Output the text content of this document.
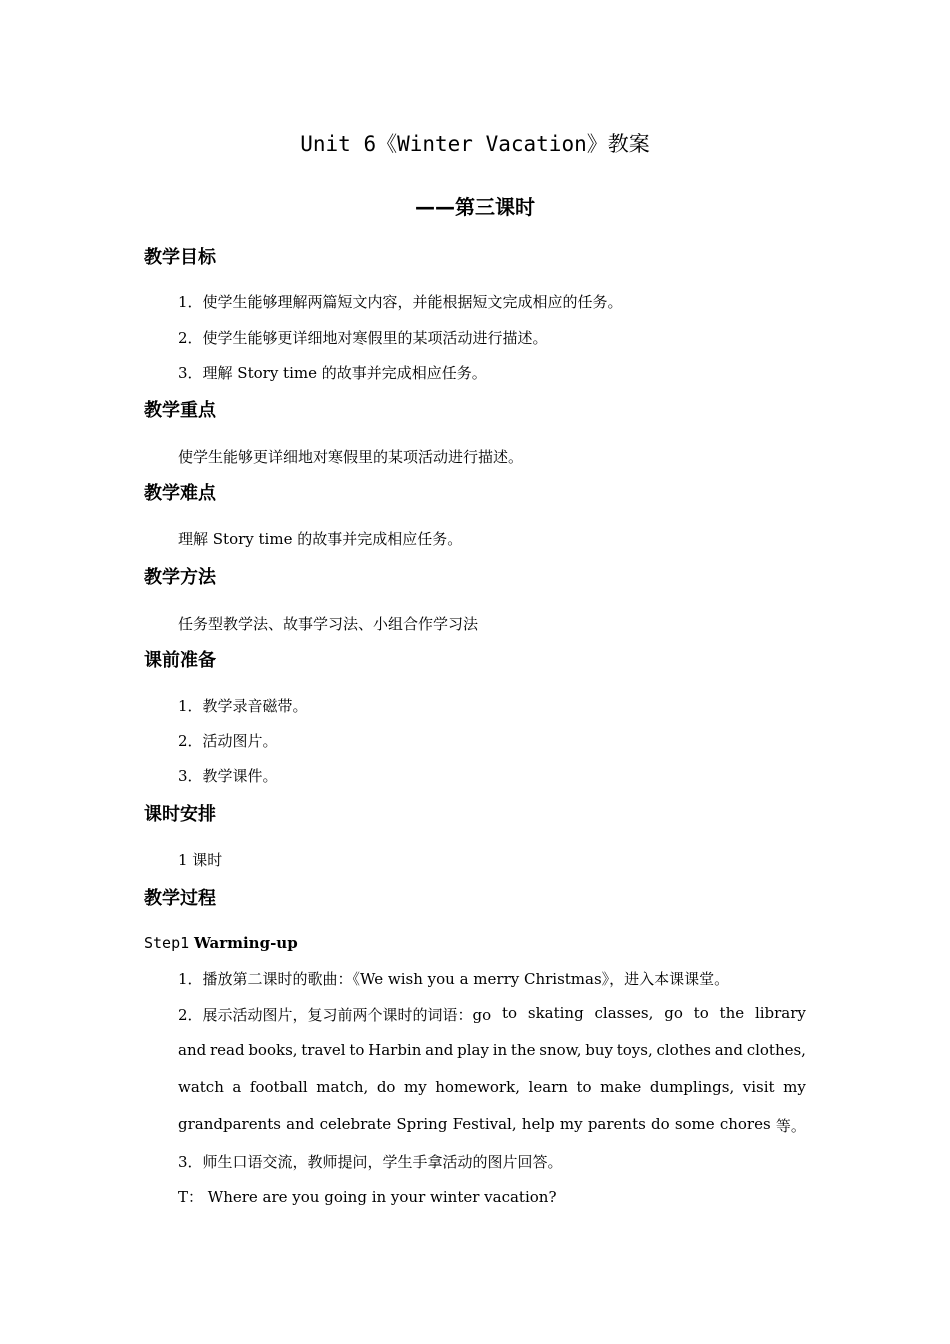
Unit 6《Winter Vacation》教案
——第三课时
教学目标
1．使学生能够理解两篇短文内容，并能根据短文完成相应的任务。
2．使学生能够更详细地对寒假里的某项活动进行描述。
3．理解 Story time 的故事并完成相应任务。
教学重点
使学生能够更详细地对寒假里的某项活动进行描述。
教学难点
理解 Story time 的故事并完成相应任务。
教学方法
任务型教学法、故事学习法、小组合作学习法
课前准备
1．教学录音磁带。
2．活动图片。
3．教学课件。
课时安排
1 课时
教学过程
Step1 Warming-up
1．播放第二课时的歌曲：《We wish you a merry Christmas》，进入本课课堂。
2．展示活动图片，复习前两个课时的词语：go to skating classes, go to the library
and read books, travel to Harbin and play in the snow, buy toys, clothes and clothes,
watch a football match, do my homework, learn to make dumplings, visit my
grandparents and celebrate Spring Festival, help my parents do some chores 等。
3．师生口语交流，教师提问，学生手拿活动的图片回答。
T： Where are you going in your winter vacation?
